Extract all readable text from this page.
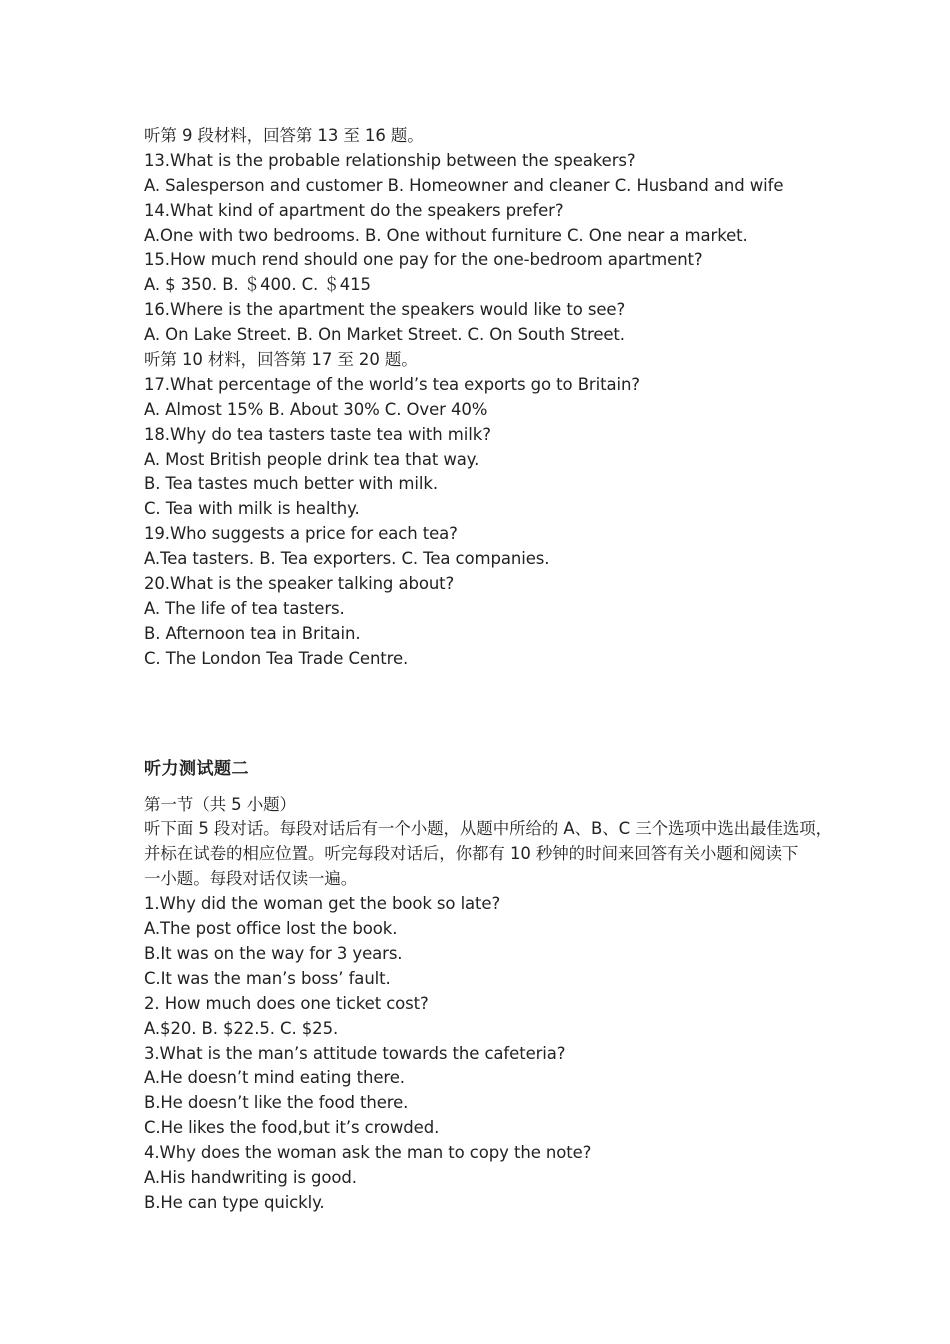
听第 9 段材料，回答第 13 至 16 题。
13.What is the probable relationship between the speakers?
A. Salesperson and customer B. Homeowner and cleaner C. Husband and wife
14.What kind of apartment do the speakers prefer?
A.One with two bedrooms. B. One without furniture C. One near a market.
15.How much rend should one pay for the one-bedroom apartment?
A. $ 350. B. ＄400. C. ＄415
16.Where is the apartment the speakers would like to see?
A. On Lake Street. B. On Market Street. C. On South Street.
听第 10 材料，回答第 17 至 20 题。
17.What percentage of the world’s tea exports go to Britain?
A. Almost 15% B. About 30% C. Over 40%
18.Why do tea tasters taste tea with milk?
A. Most British people drink tea that way.
B. Tea tastes much better with milk.
C. Tea with milk is healthy.
19.Who suggests a price for each tea?
A.Tea tasters. B. Tea exporters. C. Tea companies.
20.What is the speaker talking about?
A. The life of tea tasters.
B. Afternoon tea in Britain.
C. The London Tea Trade Centre.
听力测试题二
第一节（共 5 小题）
听下面 5 段对话。每段对话后有一个小题，从题中所给的 A、B、C 三个选项中选出最佳选项，
并标在试卷的相应位置。听完每段对话后，你都有 10 秒钟的时间来回答有关小题和阅读下
一小题。每段对话仅读一遍。
1.Why did the woman get the book so late?
A.The post office lost the book.
B.It was on the way for 3 years.
C.It was the man’s boss’ fault.
2. How much does one ticket cost?
A.$20. B. $22.5. C. $25.
3.What is the man’s attitude towards the cafeteria?
A.He doesn’t mind eating there.
B.He doesn’t like the food there.
C.He likes the food,but it’s crowded.
4.Why does the woman ask the man to copy the note?
A.His handwriting is good.
B.He can type quickly.
